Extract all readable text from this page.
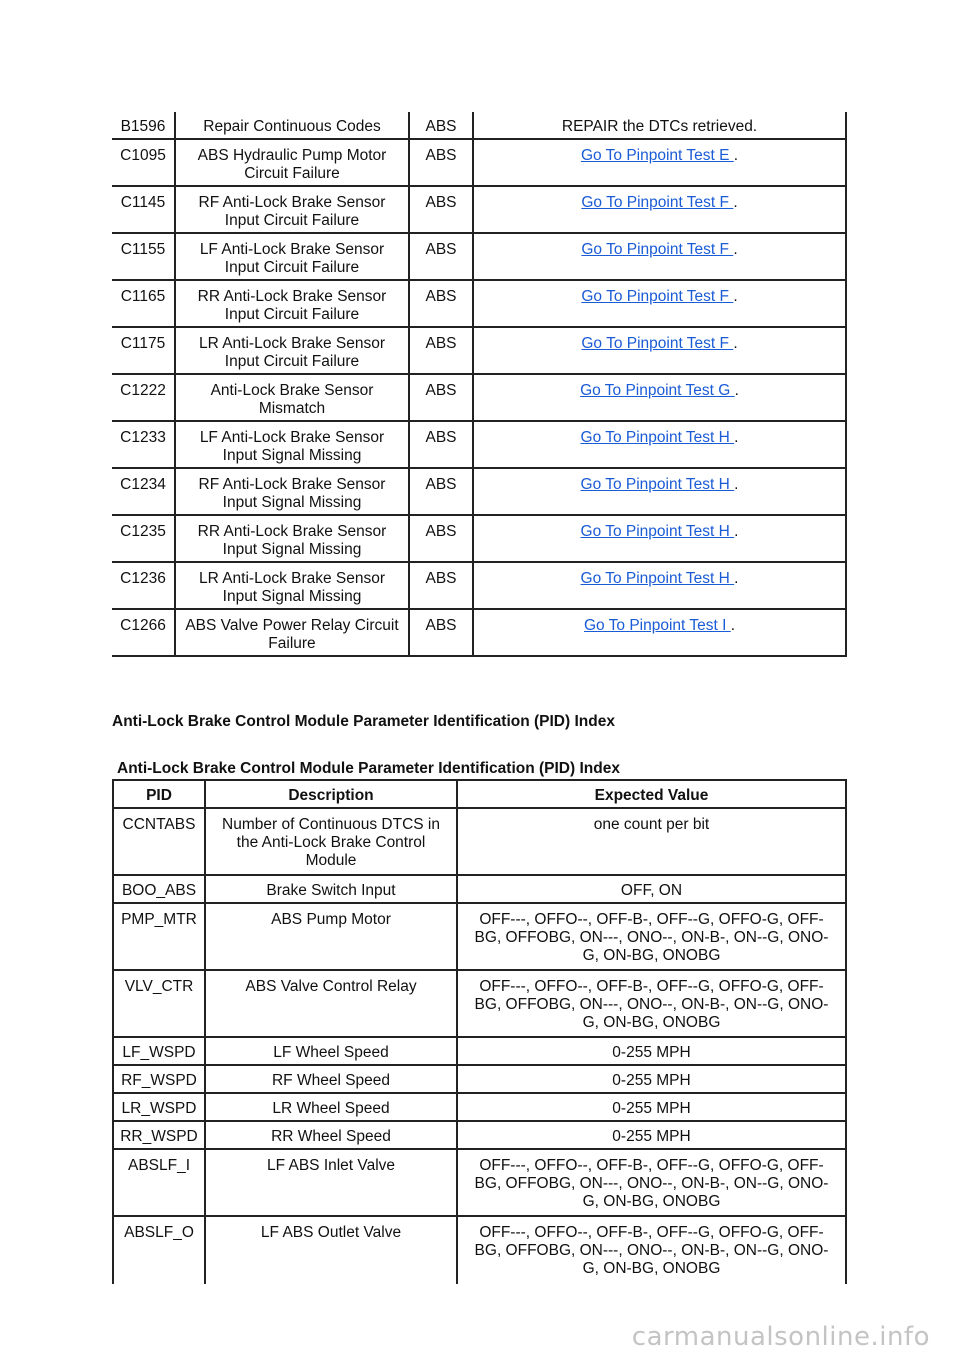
B1596	Repair Continuous Codes	ABS	REPAIR the DTCs retrieved.
C1095	ABS Hydraulic Pump Motor Circuit Failure	ABS	Go To Pinpoint Test E .
C1145	RF Anti-Lock Brake Sensor Input Circuit Failure	ABS	Go To Pinpoint Test F .
C1155	LF Anti-Lock Brake Sensor Input Circuit Failure	ABS	Go To Pinpoint Test F .
C1165	RR Anti-Lock Brake Sensor Input Circuit Failure	ABS	Go To Pinpoint Test F .
C1175	LR Anti-Lock Brake Sensor Input Circuit Failure	ABS	Go To Pinpoint Test F .
C1222	Anti-Lock Brake Sensor Mismatch	ABS	Go To Pinpoint Test G .
C1233	LF Anti-Lock Brake Sensor Input Signal Missing	ABS	Go To Pinpoint Test H .
C1234	RF Anti-Lock Brake Sensor Input Signal Missing	ABS	Go To Pinpoint Test H .
C1235	RR Anti-Lock Brake Sensor Input Signal Missing	ABS	Go To Pinpoint Test H .
C1236	LR Anti-Lock Brake Sensor Input Signal Missing	ABS	Go To Pinpoint Test H .
C1266	ABS Valve Power Relay Circuit Failure	ABS	Go To Pinpoint Test I .
Anti-Lock Brake Control Module Parameter Identification (PID) Index
Anti-Lock Brake Control Module Parameter Identification (PID) Index
PID	Description	Expected Value
CCNTABS	Number of Continuous DTCS in the Anti-Lock Brake Control Module	one count per bit
BOO_ABS	Brake Switch Input	OFF, ON
PMP_MTR	ABS Pump Motor	OFF---, OFFO--, OFF-B-, OFF--G, OFFO-G, OFF-BG, OFFOBG, ON---, ONO--, ON-B-, ON--G, ONO-G, ON-BG, ONOBG
VLV_CTR	ABS Valve Control Relay	OFF---, OFFO--, OFF-B-, OFF--G, OFFO-G, OFF-BG, OFFOBG, ON---, ONO--, ON-B-, ON--G, ONO-G, ON-BG, ONOBG
LF_WSPD	LF Wheel Speed	0-255 MPH
RF_WSPD	RF Wheel Speed	0-255 MPH
LR_WSPD	LR Wheel Speed	0-255 MPH
RR_WSPD	RR Wheel Speed	0-255 MPH
ABSLF_I	LF ABS Inlet Valve	OFF---, OFFO--, OFF-B-, OFF--G, OFFO-G, OFF-BG, OFFOBG, ON---, ONO--, ON-B-, ON--G, ONO-G, ON-BG, ONOBG
ABSLF_O	LF ABS Outlet Valve	OFF---, OFFO--, OFF-B-, OFF--G, OFFO-G, OFF-BG, OFFOBG, ON---, ONO--, ON-B-, ON--G, ONO-G, ON-BG, ONOBG
carmanualsonline.info
